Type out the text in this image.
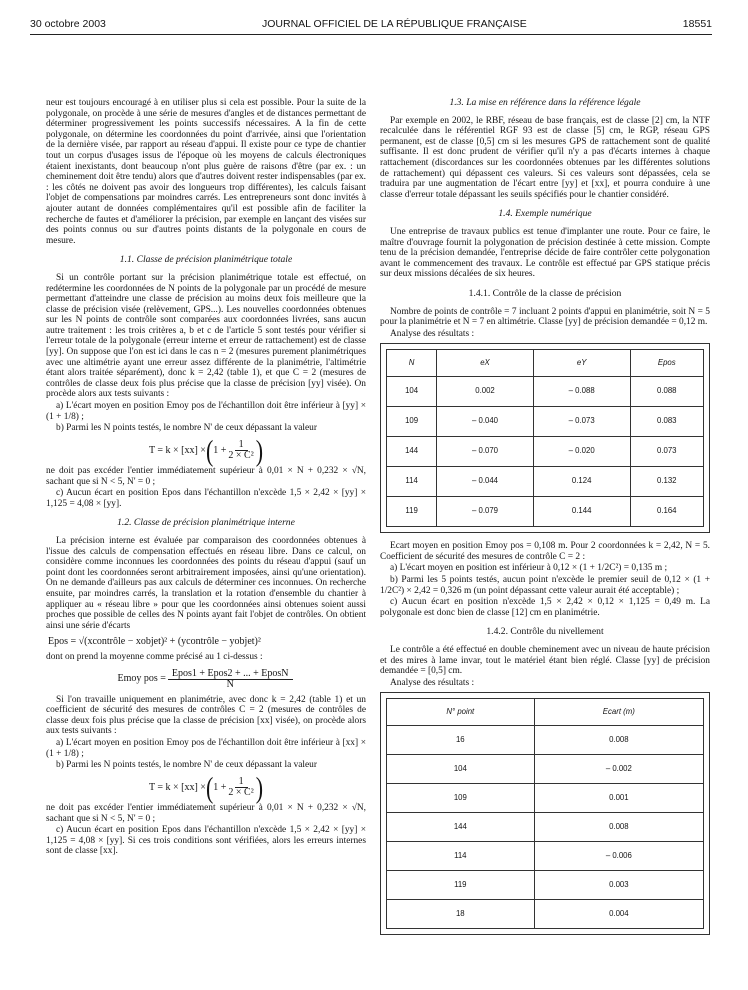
30 octobre 2003	JOURNAL OFFICIEL DE LA RÉPUBLIQUE FRANÇAISE	18551

neur est toujours encouragé à en utiliser plus si cela est possible. Pour la suite de la polygonale, on procède à une série de mesures d'angles et de distances permettant de déterminer progressivement les points successifs nécessaires. A la fin de cette polygonale, on détermine les coordonnées du point d'arrivée, ainsi que l'orientation de la dernière visée, par rapport au réseau d'appui. Il existe pour ce type de chantier tout un corpus d'usages issus de l'époque où les moyens de calculs électroniques étaient inexistants, dont beaucoup n'ont plus guère de raisons d'être (par ex. : un cheminement doit être tendu) alors que d'autres doivent rester indispensables (par ex. : les côtés ne doivent pas avoir des longueurs trop différentes), les calculs faisant l'objet de compensations par moindres carrés. Les entrepreneurs sont donc invités à ajouter autant de données complémentaires qu'il est possible afin de faciliter la recherche de fautes et d'améliorer la précision, par exemple en lançant des visées sur des points connus ou sur d'autres points distants de la polygonale en cours de mesure.

1.1. Classe de précision planimétrique totale

Si un contrôle portant sur la précision planimétrique totale est effectué, on redétermine les coordonnées de N points de la polygonale par un procédé de mesure permettant d'atteindre une classe de précision au moins deux fois meilleure que la classe de précision visée (relèvement, GPS...). Les nouvelles coordonnées obtenues sur les N points de contrôle sont comparées aux coordonnées livrées, sans aucun autre traitement : les trois critères a, b et c de l'article 5 sont testés pour vérifier si l'erreur totale de la polygonale (erreur interne et erreur de rattachement) est de classe [yy]. On suppose que l'on est ici dans le cas n = 2 (mesures purement planimétriques avec une altimétrie ayant une erreur assez différente de la planimétrie, l'altimétrie étant alors traitée séparément), donc k = 2,42 (table 1), et que C = 2 (mesures de contrôles de classe deux fois plus précise que la classe de précision [yy] visée). On procède alors aux tests suivants :

a) L'écart moyen en position Emoy pos de l'échantillon doit être inférieur à [yy] × (1 + 1/8) ;

b) Parmi les N points testés, le nombre N' de ceux dépassant la valeur

T = k × [xx] × ( $1 + \frac{1}{\text{2 × C²}}$ )

ne doit pas excéder l'entier immédiatement supérieur à 0,01 × N + 0,232 × √N, sachant que si N < 5, N' = 0 ;

c) Aucun écart en position Epos dans l'échantillon n'excède 1,5 × 2,42 × [yy] × 1,125 = 4,08 × [yy].

1.2. Classe de précision planimétrique interne

La précision interne est évaluée par comparaison des coordonnées obtenues à l'issue des calculs de compensation effectués en réseau libre. Dans ce calcul, on considère comme inconnues les coordonnées des points du réseau d'appui (sauf un point dont les coordonnées seront arbitrairement imposées, ainsi qu'une orientation). On ne demande d'ailleurs pas aux calculs de déterminer ces inconnues. On recherche ensuite, par moindres carrés, la translation et la rotation d'ensemble du chantier à appliquer au « réseau libre » pour que les coordonnées ainsi obtenues soient aussi proches que possible de celles des N points ayant fait l'objet de contrôles. On obtient ainsi une série d'écarts

Epos = √(xcontrôle − xobjet)² + (ycontrôle − yobjet)²

dont on prend la moyenne comme précisé au 1 ci-dessus :

Emoy pos = $\frac{\text{Epos1 + Epos2 + ... + EposN}}{N}$

Si l'on travaille uniquement en planimétrie, avec donc k = 2,42 (table 1) et un coefficient de sécurité des mesures de contrôles C = 2 (mesures de contrôles de classe deux fois plus précise que la classe de précision [xx] visée), on procède alors aux tests suivants :

a) L'écart moyen en position Emoy pos de l'échantillon doit être inférieur à [xx] × (1 + 1/8) ;

b) Parmi les N points testés, le nombre N' de ceux dépassant la valeur

T = k × [xx] × ( $1 + \frac{1}{\text{2 × C²}}$ )

ne doit pas excéder l'entier immédiatement supérieur à 0,01 × N + 0,232 × √N, sachant que si N < 5, N' = 0 ;

c) Aucun écart en position Epos dans l'échantillon n'excède 1,5 × 2,42 × [yy] × 1,125 = 4,08 × [yy]. Si ces trois conditions sont vérifiées, alors les erreurs internes sont de classe [xx].

1.3. La mise en référence dans la référence légale

Par exemple en 2002, le RBF, réseau de base français, est de classe [2] cm, la NTF recalculée dans le référentiel RGF 93 est de classe [5] cm, le RGP, réseau GPS permanent, est de classe [0,5] cm si les mesures GPS de rattachement sont de qualité suffisante. Il est donc prudent de vérifier qu'il n'y a pas d'écarts internes à chaque rattachement (discordances sur les coordonnées obtenues par les différentes solutions de rattachement) qui dépassent ces valeurs. Si ces valeurs sont dépassées, cela se traduira par une augmentation de l'écart entre [yy] et [xx], et pourra conduire à une classe d'erreur totale dépassant les seuils spécifiés pour le chantier considéré.

1.4. Exemple numérique

Une entreprise de travaux publics est tenue d'implanter une route. Pour ce faire, le maître d'ouvrage fournit la polygonation de précision destinée à cette mission. Compte tenu de la précision demandée, l'entreprise décide de faire contrôler cette polygonation avant le commencement des travaux. Le contrôle est effectué par GPS statique précis sur deux missions décalées de six heures.

1.4.1. Contrôle de la classe de précision

Nombre de points de contrôle = 7 incluant 2 points d'appui en planimétrie, soit N = 5 pour la planimétrie et N = 7 en altimétrie. Classe [yy] de précision demandée = 0,12 m.

Analyse des résultats :

N	eX	eY	Epos
104	0.002	– 0.088	0.088
109	– 0.040	– 0.073	0.083
144	– 0.070	– 0.020	0.073
114	– 0.044	0.124	0.132
119	– 0.079	0.144	0.164

Ecart moyen en position Emoy pos = 0,108 m. Pour 2 coordonnées k = 2,42, N = 5. Coefficient de sécurité des mesures de contrôle C = 2 :

a) L'écart moyen en position est inférieur à 0,12 × (1 + 1/2C²) = 0,135 m ;

b) Parmi les 5 points testés, aucun point n'excède le premier seuil de 0,12 × (1 + 1/2C²) × 2,42 = 0,326 m (un point dépassant cette valeur aurait été acceptable) ;

c) Aucun écart en position n'excède 1,5 × 2,42 × 0,12 × 1,125 = 0,49 m. La polygonale est donc bien de classe [12] cm en planimétrie.

1.4.2. Contrôle du nivellement

Le contrôle a été effectué en double cheminement avec un niveau de haute précision et des mires à lame invar, tout le matériel étant bien réglé. Classe [yy] de précision demandée = [0,5] cm.

Analyse des résultats :

N° point	Ecart (m)
16	0.008
104	– 0.002
109	0.001
144	0.008
114	– 0.006
119	0.003
18	0.004
